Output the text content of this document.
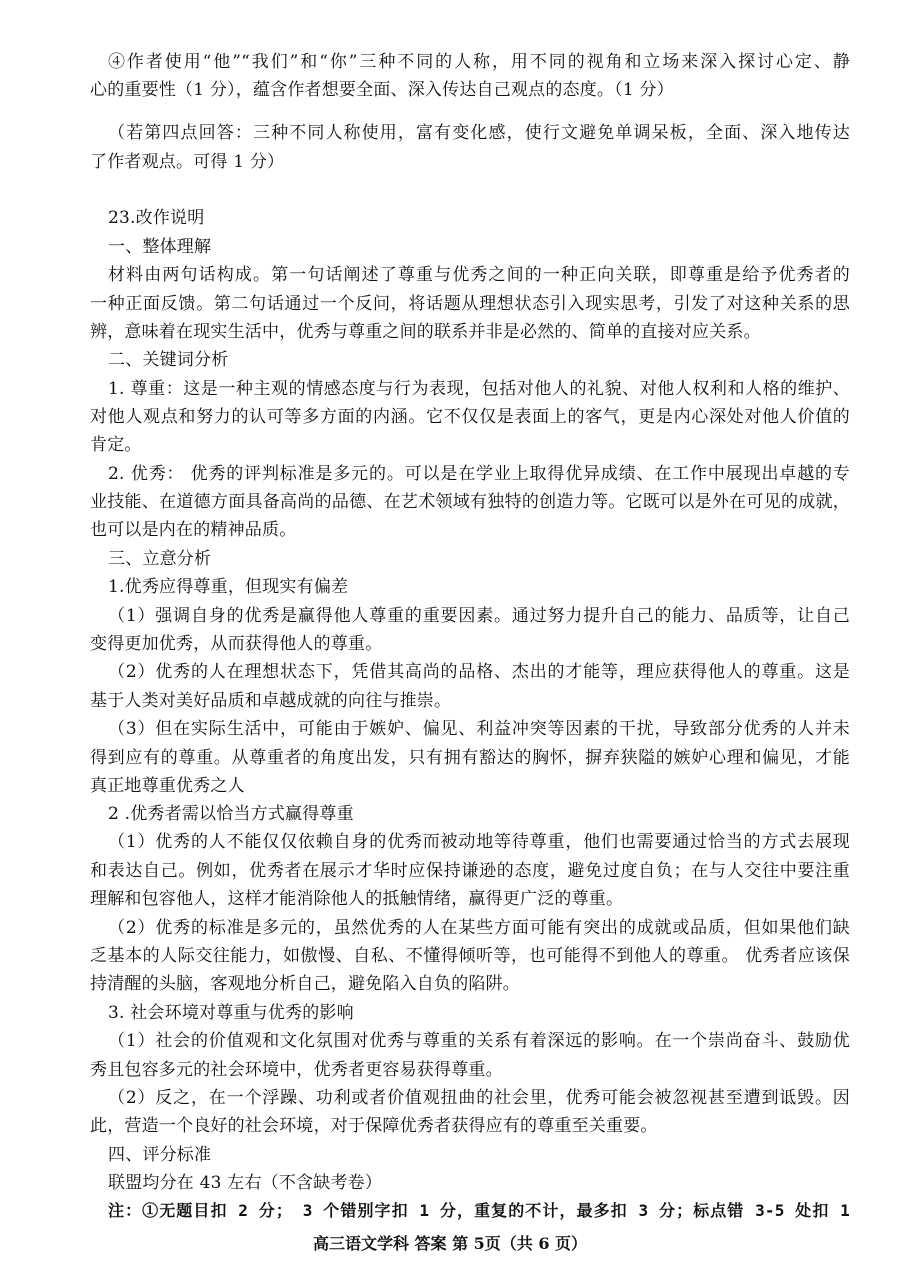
④作者使用“他”“我们”和“你”三种不同的人称，用不同的视角和立场来深入探讨心定、静
心的重要性（1 分），蕴含作者想要全面、深入传达自己观点的态度。（1 分）
（若第四点回答：三种不同人称使用，富有变化感，使行文避免单调呆板，全面、深入地传达
了作者观点。可得 1 分）
23.改作说明
一、整体理解
材料由两句话构成。第一句话阐述了尊重与优秀之间的一种正向关联，即尊重是给予优秀者的
一种正面反馈。第二句话通过一个反问，将话题从理想状态引入现实思考，引发了对这种关系的思
辨，意味着在现实生活中，优秀与尊重之间的联系并非是必然的、简单的直接对应关系。
二、关键词分析
1. 尊重：这是一种主观的情感态度与行为表现，包括对他人的礼貌、对他人权利和人格的维护、
对他人观点和努力的认可等多方面的内涵。它不仅仅是表面上的客气，更是内心深处对他人价值的
肯定。
2. 优秀： 优秀的评判标准是多元的。可以是在学业上取得优异成绩、在工作中展现出卓越的专
业技能、在道德方面具备高尚的品德、在艺术领域有独特的创造力等。它既可以是外在可见的成就，
也可以是内在的精神品质。
三、立意分析
1.优秀应得尊重，但现实有偏差
（1）强调自身的优秀是赢得他人尊重的重要因素。通过努力提升自己的能力、品质等，让自己
变得更加优秀，从而获得他人的尊重。
（2）优秀的人在理想状态下，凭借其高尚的品格、杰出的才能等，理应获得他人的尊重。这是
基于人类对美好品质和卓越成就的向往与推崇。
（3）但在实际生活中，可能由于嫉妒、偏见、利益冲突等因素的干扰，导致部分优秀的人并未
得到应有的尊重。从尊重者的角度出发，只有拥有豁达的胸怀，摒弃狭隘的嫉妒心理和偏见，才能
真正地尊重优秀之人
2 .优秀者需以恰当方式赢得尊重
（1）优秀的人不能仅仅依赖自身的优秀而被动地等待尊重，他们也需要通过恰当的方式去展现
和表达自己。例如，优秀者在展示才华时应保持谦逊的态度，避免过度自负；在与人交往中要注重
理解和包容他人，这样才能消除他人的抵触情绪，赢得更广泛的尊重。
（2）优秀的标准是多元的，虽然优秀的人在某些方面可能有突出的成就或品质，但如果他们缺
乏基本的人际交往能力，如傲慢、自私、不懂得倾听等，也可能得不到他人的尊重。 优秀者应该保
持清醒的头脑，客观地分析自己，避免陷入自负的陷阱。
3. 社会环境对尊重与优秀的影响
（1）社会的价值观和文化氛围对优秀与尊重的关系有着深远的影响。在一个崇尚奋斗、鼓励优
秀且包容多元的社会环境中，优秀者更容易获得尊重。
（2）反之，在一个浮躁、功利或者价值观扭曲的社会里，优秀可能会被忽视甚至遭到诋毁。因
此，营造一个良好的社会环境，对于保障优秀者获得应有的尊重至关重要。
四、评分标准
联盟均分在 43 左右（不含缺考卷）
注：①无题目扣 2 分； 3 个错别字扣 1 分，重复的不计，最多扣 3 分；标点错 3-5 处扣 1
高三语文学科 答案 第 5页（共 6 页）
